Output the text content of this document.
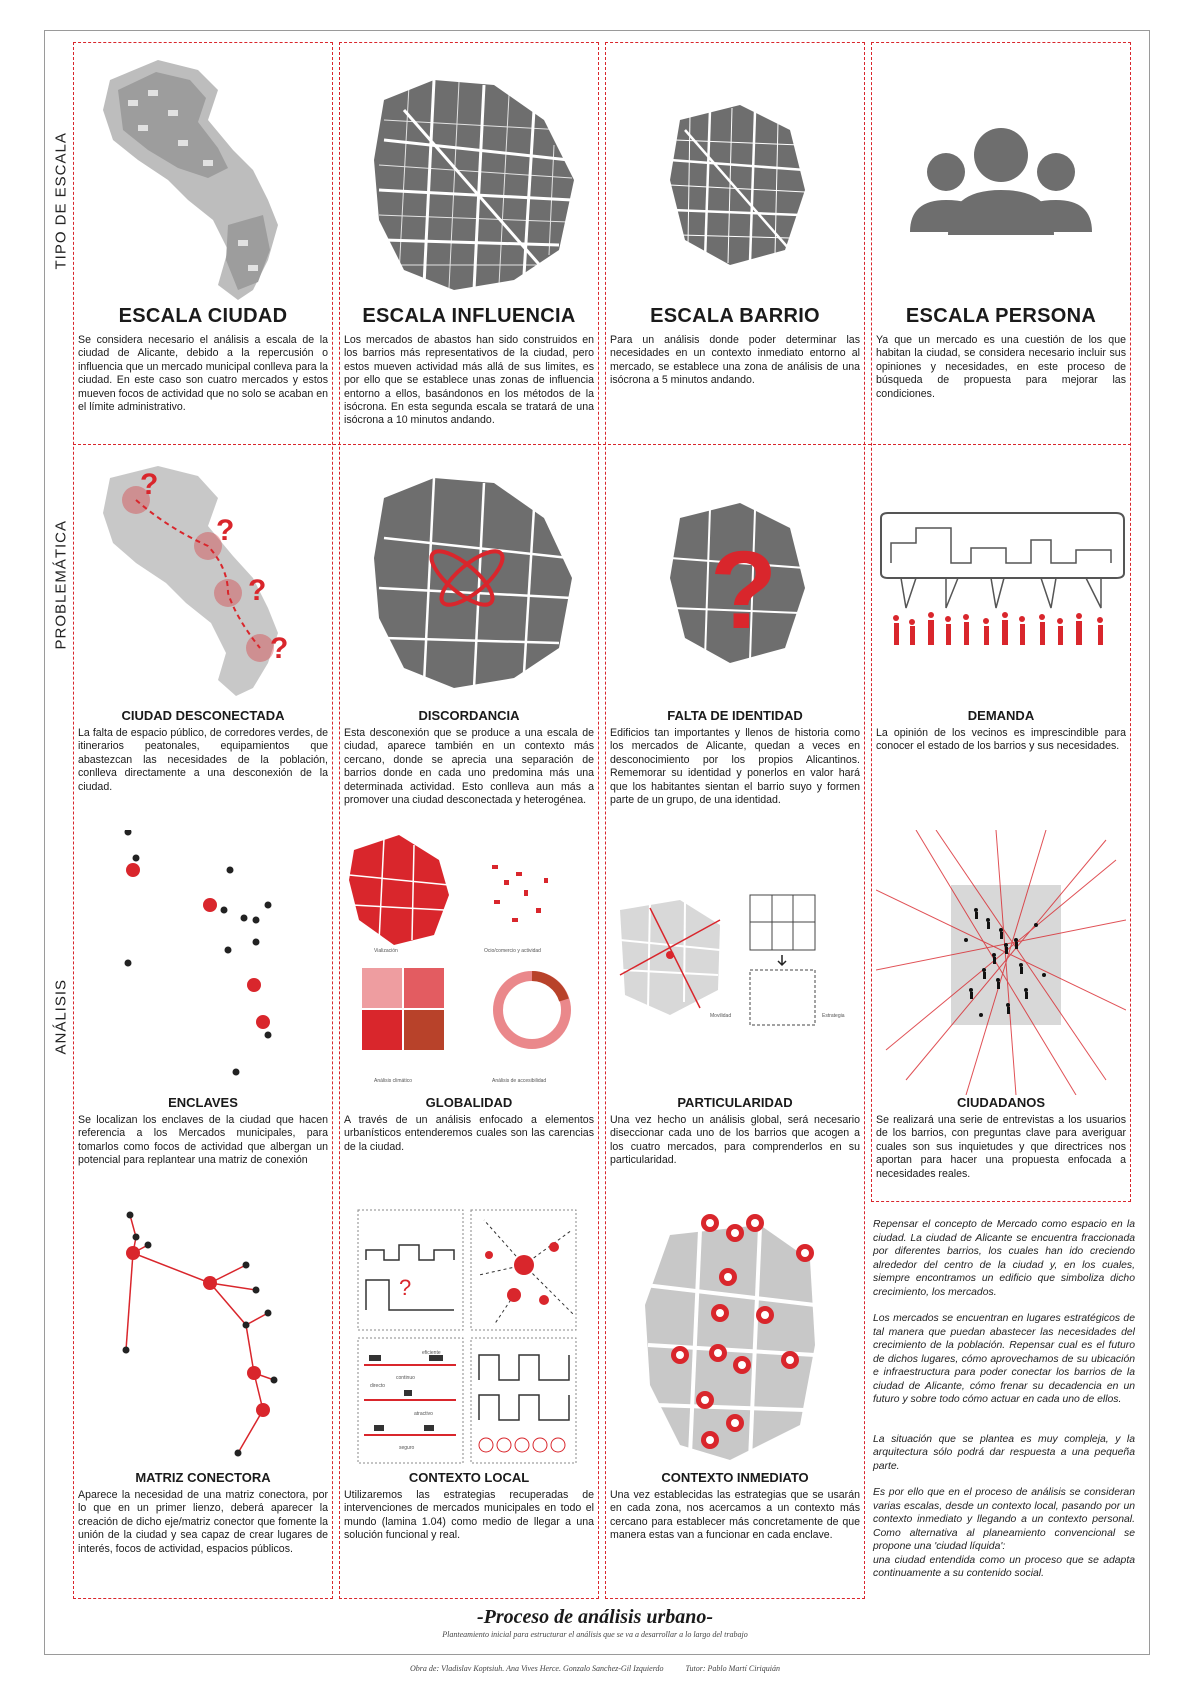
TIPO DE ESCALA
PROBLEMÁTICA
ANÁLISIS
ESCALA CIUDAD
Se considera necesario el análisis a escala de la ciudad de Alicante, debido a la repercusión o influencia que un mercado municipal conlleva para la ciudad. En este caso son cuatro mercados y estos mueven focos de actividad que no solo se acaban en el límite administrativo.
ESCALA INFLUENCIA
Los mercados de abastos han sido construidos en los barrios más representativos de la ciudad, pero estos mueven actividad más allá de sus limites, es por ello que se establece unas zonas de influencia entorno a ellos, basándonos en los métodos de la isócrona. En esta segunda escala se tratará de una isócrona a 10 minutos andando.
ESCALA BARRIO
Para un análisis donde poder determinar las necesidades en un contexto inmediato entorno al mercado, se establece una zona de análisis de una isócrona a 5 minutos andando.
ESCALA PERSONA
Ya que un mercado es una cuestión de los que habitan la ciudad, se considera necesario incluir sus opiniones y necesidades, en este proceso de búsqueda de propuesta para mejorar las condiciones.
?
?
?
?
CIUDAD DESCONECTADA
La falta de espacio público, de corredores verdes, de itinerarios peatonales, equipamientos que abastezcan las necesidades de la población, conlleva directamente a una desconexión de la ciudad.
DISCORDANCIA
Esta desconexión que se produce a una escala de ciudad, aparece también en un contexto más cercano, donde se aprecia una separación de barrios donde en cada uno predomina más una determinada actividad. Esto conlleva aun más a promover una ciudad desconectada y heterogénea.
?
FALTA DE IDENTIDAD
Edificios tan importantes y llenos de historia como los mercados de Alicante, quedan a veces en desconocimiento por los propios Alicantinos. Rememorar su identidad y ponerlos en valor hará que los habitantes sientan el barrio suyo y formen parte de un grupo, de una identidad.
DEMANDA
La opinión de los vecinos es imprescindible para conocer el estado de los barrios y sus necesidades.
ENCLAVES
Se localizan los enclaves de la ciudad que hacen referencia a los Mercados municipales, para tomarlos como focos de actividad que albergan un potencial para replantear una matriz de conexión
Vialización	Ocio/comercio y actividad
Análisis climático	Análisis de accesibilidad
GLOBALIDAD
A través de un análisis enfocado a elementos urbanísticos entenderemos cuales son las carencias de la ciudad.
Movilidad	Estrategia
PARTICULARIDAD
Una vez hecho un análisis global, será necesario diseccionar cada uno de los barrios que acogen a los cuatro mercados, para comprenderlos en su particularidad.
CIUDADANOS
Se realizará una serie de entrevistas a los usuarios de los barrios, con preguntas clave para averiguar cuales son sus inquietudes y que directrices nos aportan para hacer una propuesta enfocada a necesidades reales.
MATRIZ CONECTORA
Aparece la necesidad de una matriz conectora, por lo que en un primer lienzo, deberá aparecer la creación de dicho eje/matriz conector que fomente la unión de la ciudad y sea capaz de crear lugares de interés, focos de actividad, espacios públicos.
?
eficiente
directo
continuo
atractivo
seguro
CONTEXTO LOCAL
Utilizaremos las estrategias recuperadas de intervenciones de mercados municipales en todo el mundo (lamina 1.04) como medio de llegar a una solución funcional y real.
CONTEXTO INMEDIATO
Una vez establecidas las estrategias que se usarán en cada zona, nos acercamos a un contexto más cercano para establecer más concretamente de que manera estas van a funcionar en cada enclave.

Repensar el concepto de Mercado como espacio en la ciudad. La ciudad de Alicante se encuentra fraccionada por diferentes barrios, los cuales han ido creciendo alrededor del centro de la ciudad y, en los cuales, siempre encontramos un edificio que simboliza dicho crecimiento, los mercados.

Los mercados se encuentran en lugares estratégicos de tal manera que puedan abastecer las necesidades del crecimiento de la población. Repensar cual es el futuro de dichos lugares, cómo aprovechamos de su ubicación e infraestructura para poder conectar los barrios de la ciudad de Alicante, cómo frenar su decadencia en un futuro y sobre todo cómo actuar en cada uno de ellos.

La situación que se plantea es muy compleja, y la arquitectura sólo podrá dar respuesta a una pequeña parte.

Es por ello que en el proceso de análisis se consideran varias escalas, desde un contexto local, pasando por un contexto inmediato y llegando a un contexto personal. Como alternativa al planeamiento convencional se propone una 'ciudad líquida':
una ciudad entendida como un proceso que se adapta continuamente a su contenido social.

-Proceso de análisis urbano-
Planteamiento inicial para estructurar el análisis que se va a desarrollar a lo largo del trabajo
Obra de: Vladislav Koptsiuh. Ana Vives Herce. Gonzalo Sanchez-Gil Izquierdo	Tutor: Pablo Martí Ciriquián
